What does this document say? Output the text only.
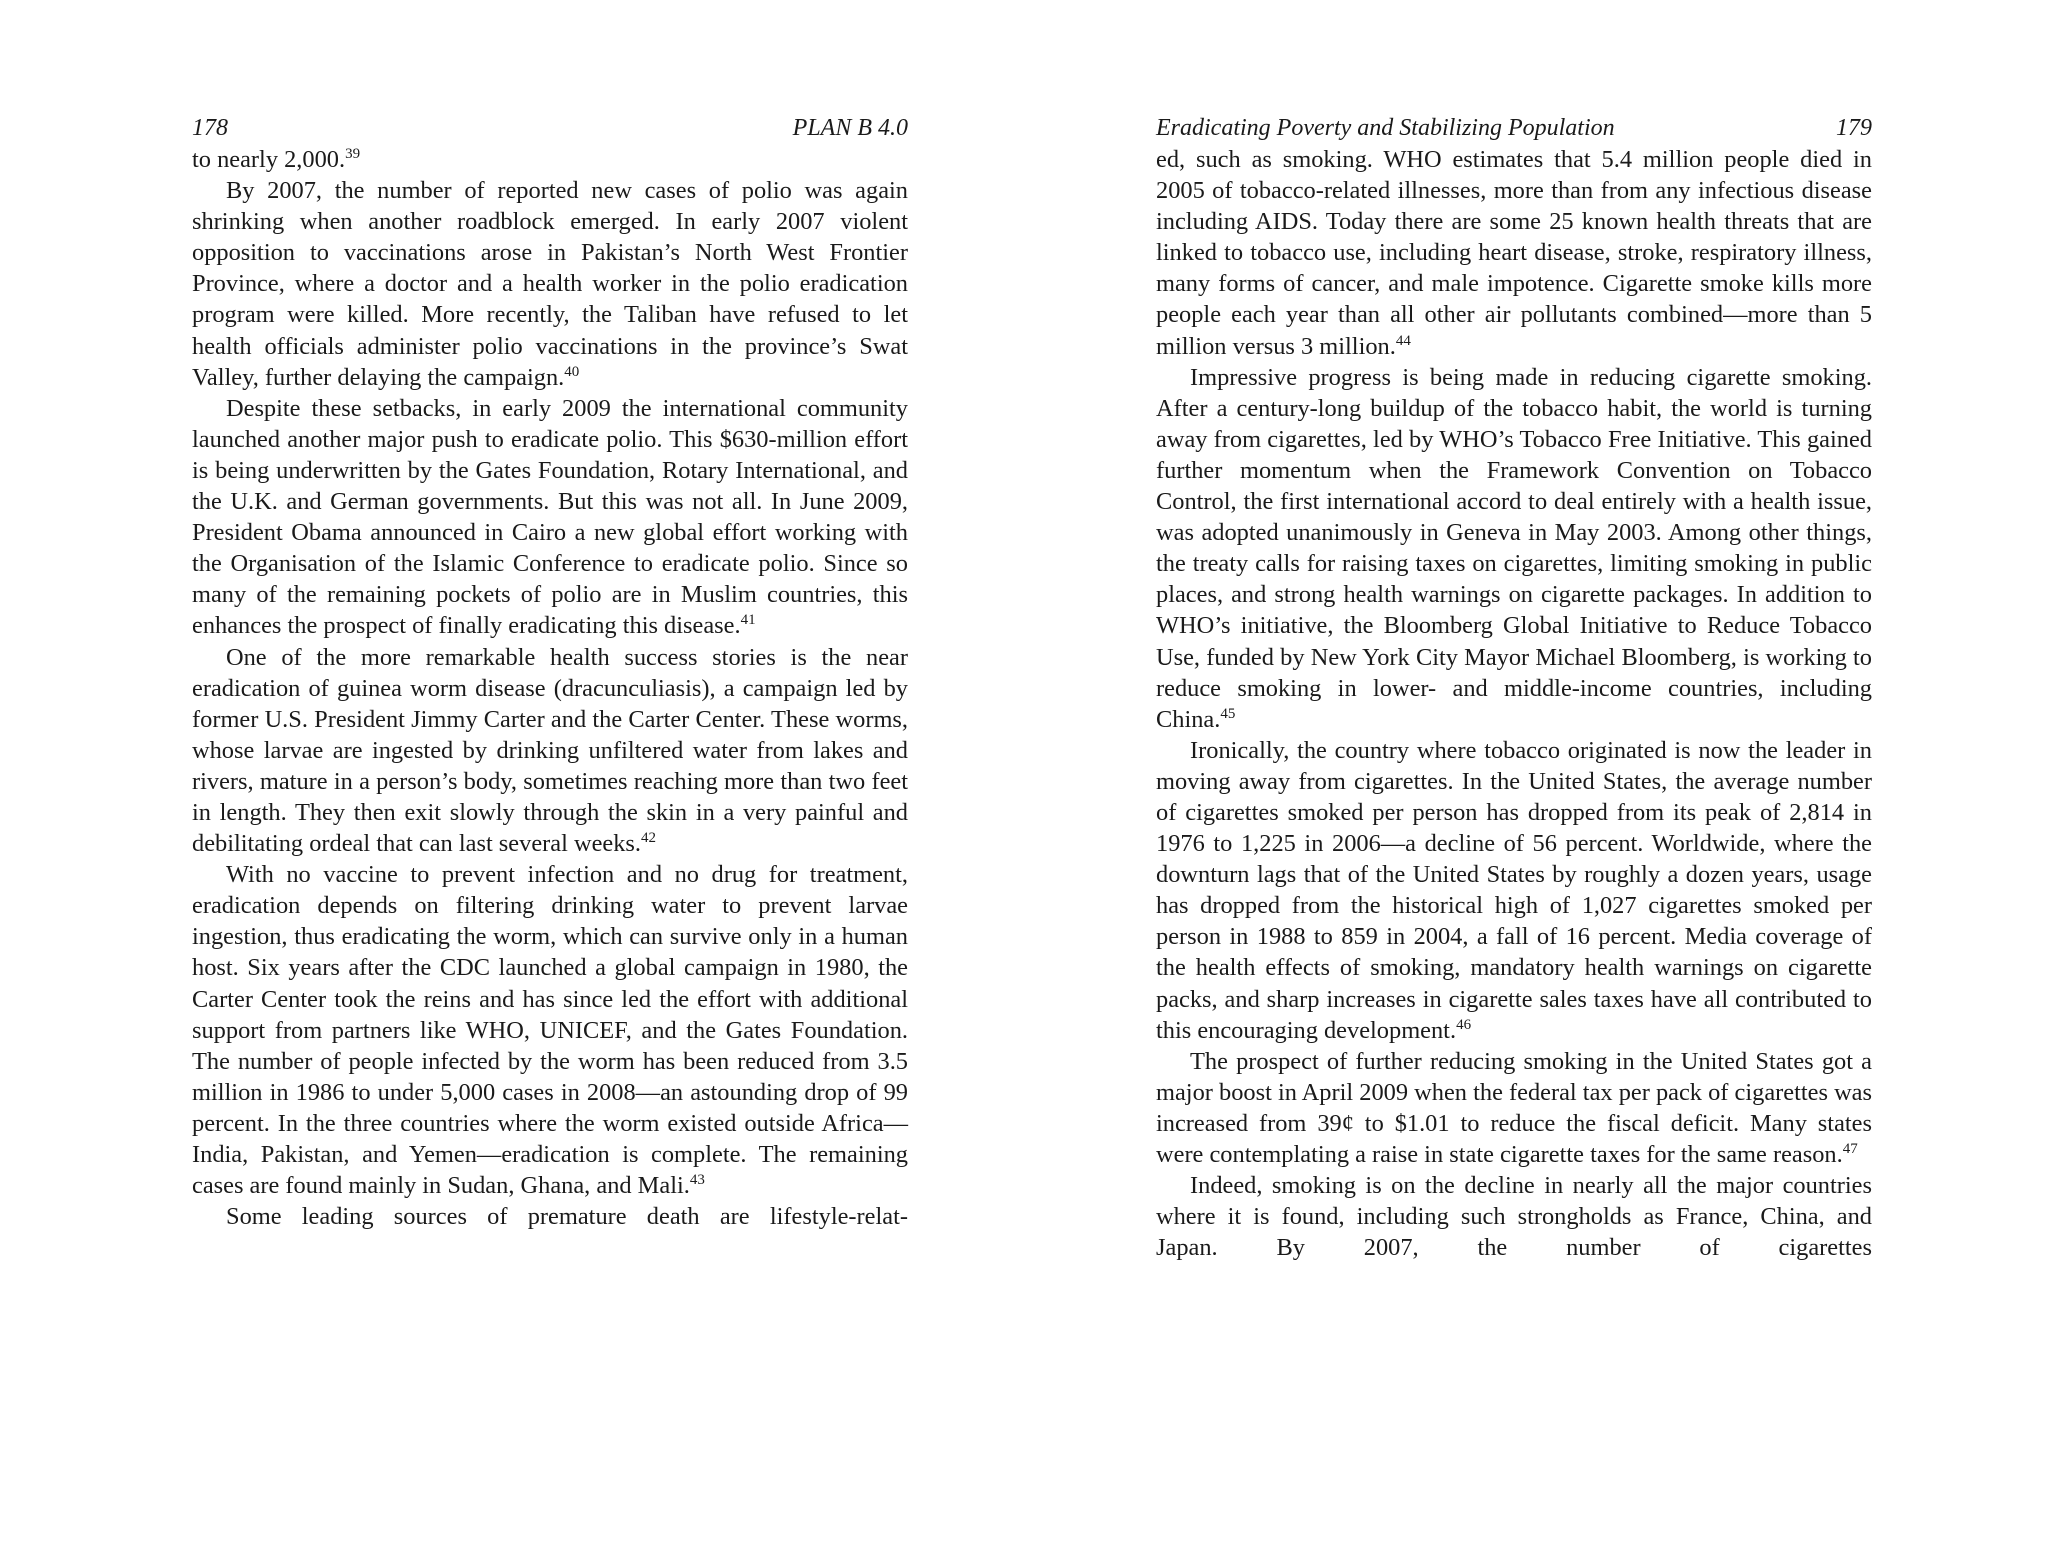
178	PLAN B 4.0

to nearly 2,000.39

By 2007, the number of reported new cases of polio was again shrinking when another roadblock emerged. In early 2007 violent opposition to vaccinations arose in Pakistan’s North West Frontier Province, where a doctor and a health worker in the polio eradication program were killed. More recently, the Taliban have refused to let health officials administer polio vaccinations in the province’s Swat Valley, further delaying the campaign.$^{40}$

Despite these setbacks, in early 2009 the international community launched another major push to eradicate polio. This $630-million effort is being underwritten by the Gates Foundation, Rotary International, and the U.K. and German governments. But this was not all. In June 2009, President Obama announced in Cairo a new global effort working with the Organisation of the Islamic Conference to eradicate polio. Since so many of the remaining pockets of polio are in Muslim countries, this enhances the prospect of finally eradicating this disease.$^{41}$

One of the more remarkable health success stories is the near eradication of guinea worm disease (dracunculiasis), a campaign led by former U.S. President Jimmy Carter and the Carter Center. These worms, whose larvae are ingested by drinking unfiltered water from lakes and rivers, mature in a person’s body, sometimes reaching more than two feet in length. They then exit slowly through the skin in a very painful and debilitating ordeal that can last several weeks.$^{42}$

With no vaccine to prevent infection and no drug for treatment, eradication depends on filtering drinking water to prevent larvae ingestion, thus eradicating the worm, which can survive only in a human host. Six years after the CDC launched a global campaign in 1980, the Carter Center took the reins and has since led the effort with additional support from partners like WHO, UNICEF, and the Gates Foundation. The number of people infected by the worm has been reduced from 3.5 million in 1986 to under 5,000 cases in 2008—an astounding drop of 99 percent. In the three countries where the worm existed outside Africa—India, Pakistan, and Yemen—eradication is complete. The remaining cases are found mainly in Sudan, Ghana, and Mali.$^{43}$

Some leading sources of premature death are lifestyle-relat-

Eradicating Poverty and Stabilizing Population	179

ed, such as smoking. WHO estimates that 5.4 million people died in 2005 of tobacco-related illnesses, more than from any infectious disease including AIDS. Today there are some 25 known health threats that are linked to tobacco use, including heart disease, stroke, respiratory illness, many forms of cancer, and male impotence. Cigarette smoke kills more people each year than all other air pollutants combined—more than 5 million versus 3 million.$^{44}$

Impressive progress is being made in reducing cigarette smoking. After a century-long buildup of the tobacco habit, the world is turning away from cigarettes, led by WHO’s Tobacco Free Initiative. This gained further momentum when the Framework Convention on Tobacco Control, the first international accord to deal entirely with a health issue, was adopted unanimously in Geneva in May 2003. Among other things, the treaty calls for raising taxes on cigarettes, limiting smoking in public places, and strong health warnings on cigarette packages. In addition to WHO’s initiative, the Bloomberg Global Initiative to Reduce Tobacco Use, funded by New York City Mayor Michael Bloomberg, is working to reduce smoking in lower- and middle-income countries, including China.$^{45}$

Ironically, the country where tobacco originated is now the leader in moving away from cigarettes. In the United States, the average number of cigarettes smoked per person has dropped from its peak of 2,814 in 1976 to 1,225 in 2006—a decline of 56 percent. Worldwide, where the downturn lags that of the United States by roughly a dozen years, usage has dropped from the historical high of 1,027 cigarettes smoked per person in 1988 to 859 in 2004, a fall of 16 percent. Media coverage of the health effects of smoking, mandatory health warnings on cigarette packs, and sharp increases in cigarette sales taxes have all contributed to this encouraging development.$^{46}$

The prospect of further reducing smoking in the United States got a major boost in April 2009 when the federal tax per pack of cigarettes was increased from 39¢ to $1.01 to reduce the fiscal deficit. Many states were contemplating a raise in state cigarette taxes for the same reason.$^{47}$

Indeed, smoking is on the decline in nearly all the major countries where it is found, including such strongholds as France, China, and Japan. By 2007, the number of cigarettes
